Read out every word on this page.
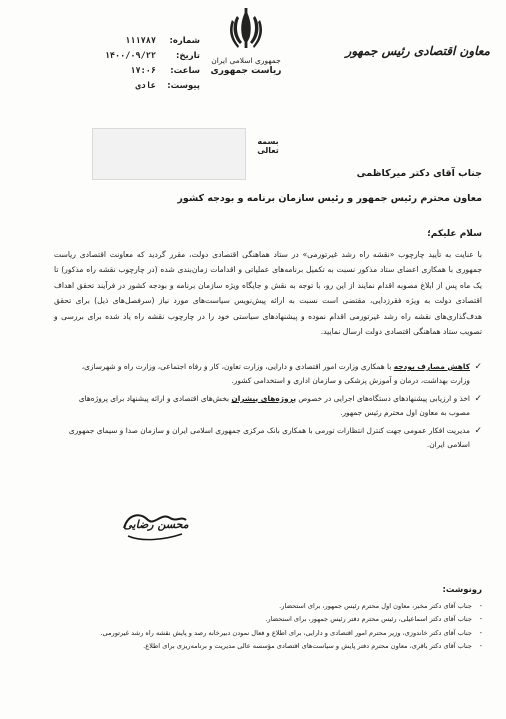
شماره:
۱۱۱۷۸۷
تاریخ:
۱۴۰۰/۰۹/۲۲
ساعت:
۱۷:۰۶
پیوست:
عادی
جمهوری اسلامی ایران
ریاست جمهوری
معاون اقتصادی رئیس جمهور
بسمه تعالی
جناب آقای دکتر میرکاظمی
معاون محترم رئیس جمهور و رئیس سازمان برنامه و بودجه کشور
سلام علیکم؛
با عنایت به تأیید چارچوب «نقشه راه رشد غیرتورمی» در ستاد هماهنگی اقتصادی دولت، مقرر گردید که معاونت اقتصادی ریاست جمهوری با همکاری اعضای ستاد مذکور نسبت به تکمیل برنامه‌های عملیاتی و اقدامات زمان‌بندی شده (در چارچوب نقشه راه مذکور) تا یک ماه پس از ابلاغ مصوبه اقدام نمایند از این رو، با توجه به نقش و جایگاه ویژه سازمان برنامه و بودجه کشور در فرآیند تحقق اهداف اقتصادی دولت به ویژه فقرزدایی، مقتضی است نسبت به ارائه پیش‌نویس سیاست‌های مورد نیاز (سرفصل‌های ذیل) برای تحقق هدف‌گذاری‌های نقشه راه رشد غیرتورمی اقدام نموده و پیشنهادهای سیاستی خود را در چارچوب نقشه راه یاد شده برای بررسی و تصویب ستاد هماهنگی اقتصادی دولت ارسال نمایید.
✓
کاهش مصارف بودجه با همکاری وزارت امور اقتصادی و دارایی، وزارت تعاون، کار و رفاه اجتماعی، وزارت راه و شهرسازی، وزارت بهداشت، درمان و آموزش پزشکی و سازمان اداری و استخدامی کشور.
✓
اخذ و ارزیابی پیشنهادهای دستگاه‌های اجرایی در خصوص پروژه‌های پیشران بخش‌های اقتصادی و ارائه پیشنهاد برای پروژه‌های مصوب به معاون اول محترم رئیس جمهور.
✓
مدیریت افکار عمومی جهت کنترل انتظارات تورمی با همکاری بانک مرکزی جمهوری اسلامی ایران و سازمان صدا و سیمای جمهوری اسلامی ایران.
محسن رضایی
رونوشت:
-
جناب آقای دکتر مخبر، معاون اول محترم رئیس جمهور، برای استحضار.
-
جناب آقای دکتر اسماعیلی، رئیس محترم دفتر رئیس جمهور، برای استحضار.
-
جناب آقای دکتر خاندوزی، وزیر محترم امور اقتصادی و دارایی، برای اطلاع و فعال نمودن دبیرخانه رصد و پایش نقشه راه رشد غیرتورمی.
-
جناب آقای دکتر باقری، معاون محترم دفتر پایش و سیاست‌های اقتصادی مؤسسه عالی مدیریت و برنامه‌ریزی برای اطلاع.
